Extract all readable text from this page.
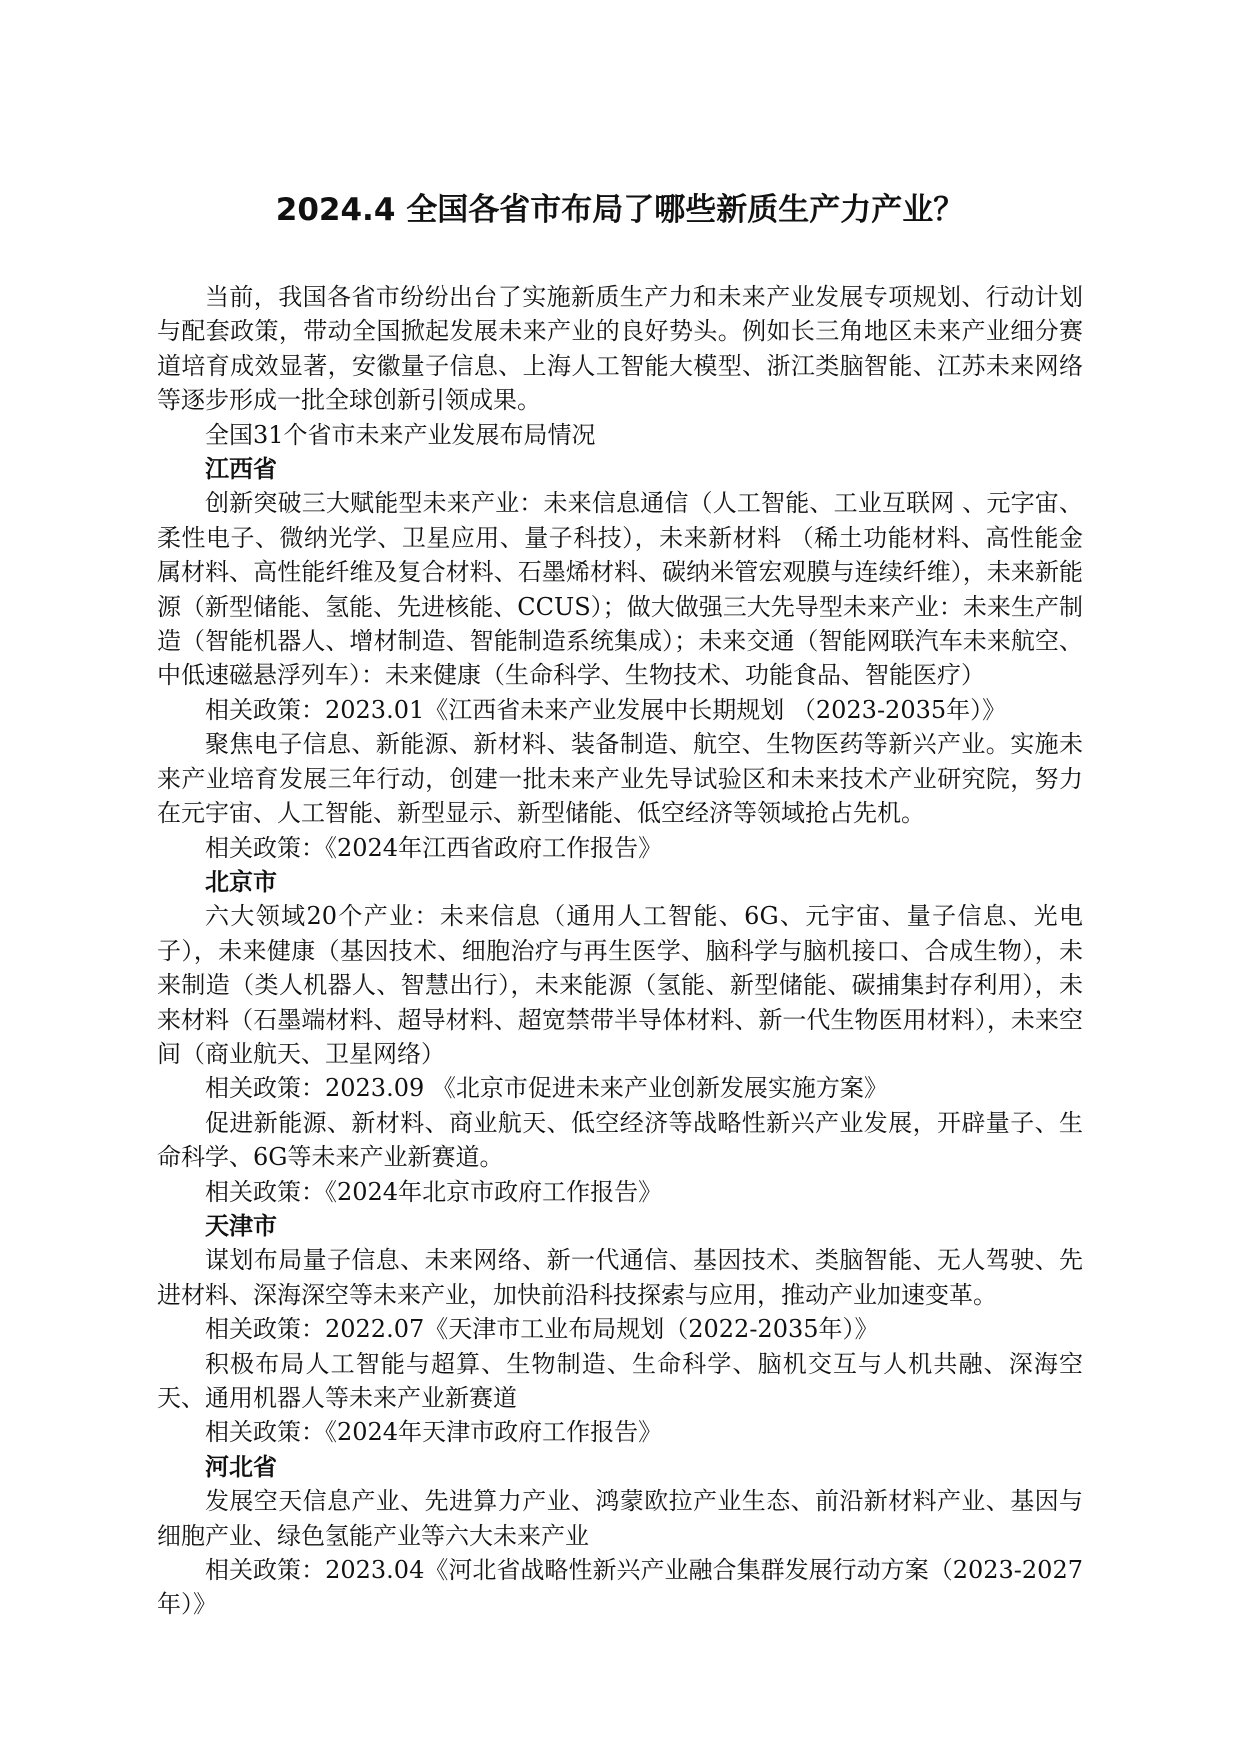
2024.4 全国各省市布局了哪些新质生产力产业？

当前，我国各省市纷纷出台了实施新质生产力和未来产业发展专项规划、行动计划与配套政策，带动全国掀起发展未来产业的良好势头。例如长三角地区未来产业细分赛道培育成效显著，安徽量子信息、上海人工智能大模型、浙江类脑智能、江苏未来网络等逐步形成一批全球创新引领成果。

全国31个省市未来产业发展布局情况

江西省

创新突破三大赋能型未来产业：未来信息通信（人工智能、工业互联网 、元字宙、柔性电子、微纳光学、卫星应用、量子科技），未来新材料 （稀土功能材料、高性能金属材料、高性能纤维及复合材料、石墨烯材料、碳纳米管宏观膜与连续纤维），未来新能源（新型储能、氢能、先进核能、CCUS）；做大做强三大先导型未来产业：未来生产制造（智能机器人、增材制造、智能制造系统集成）；未来交通（智能网联汽车未来航空、中低速磁悬浮列车）：未来健康（生命科学、生物技术、功能食品、智能医疗）

相关政策：2023.01《江西省未来产业发展中长期规划 （2023-2035年）》

聚焦电子信息、新能源、新材料、装备制造、航空、生物医药等新兴产业。实施未来产业培育发展三年行动，创建一批未来产业先导试验区和未来技术产业研究院，努力在元宇宙、人工智能、新型显示、新型储能、低空经济等领域抢占先机。

相关政策：《2024年江西省政府工作报告》

北京市

六大领域20个产业：未来信息（通用人工智能、6G、元宇宙、量子信息、光电子），未来健康（基因技术、细胞治疗与再生医学、脑科学与脑机接口、合成生物），未来制造（类人机器人、智慧出行），未来能源（氢能、新型储能、碳捕集封存利用），未来材料（石墨端材料、超导材料、超宽禁带半导体材料、新一代生物医用材料），未来空间（商业航天、卫星网络）

相关政策：2023.09 《北京市促进未来产业创新发展实施方案》

促进新能源、新材料、商业航天、低空经济等战略性新兴产业发展，开辟量子、生命科学、6G等未来产业新赛道。

相关政策：《2024年北京市政府工作报告》

天津市

谋划布局量子信息、未来网络、新一代通信、基因技术、类脑智能、无人驾驶、先进材料、深海深空等未来产业，加快前沿科技探索与应用，推动产业加速变革。

相关政策：2022.07《天津市工业布局规划（2022-2035年）》

积极布局人工智能与超算、生物制造、生命科学、脑机交互与人机共融、深海空天、通用机器人等未来产业新赛道

相关政策：《2024年天津市政府工作报告》

河北省

发展空天信息产业、先进算力产业、鸿蒙欧拉产业生态、前沿新材料产业、基因与细胞产业、绿色氢能产业等六大未来产业

相关政策：2023.04《河北省战略性新兴产业融合集群发展行动方案（2023-2027年）》
